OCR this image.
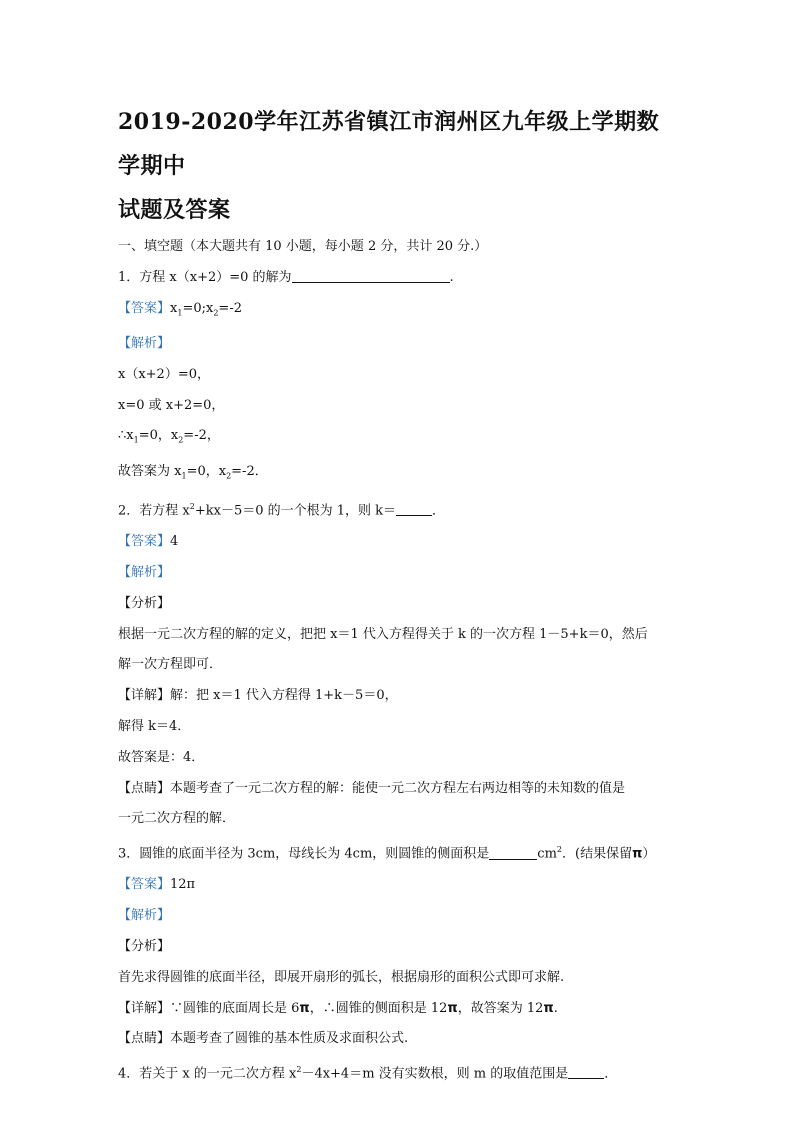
2019-2020学年江苏省镇江市润州区九年级上学期数学期中
试题及答案
一、填空题（本大题共有 10 小题，每小题 2 分，共计 20 分.）
1．方程 x（x+2）=0 的解为	.
【答案】$x_1=0;x_2=-2$
【解析】
x（x+2）=0，
x=0 或 x+2=0，
$\therefore x_1=0$，$x_2=-2$，
故答案为 $x_1=0$，$x_2=-2$．
2．若方程 $x^2+kx-5=0$ 的一个根为 1，则 k＝	．
【答案】4
【解析】
【分析】
根据一元二次方程的解的定义，把把 x＝1 代入方程得关于 k 的一次方程 1－5+k＝0，然后
解一次方程即可．
【详解】解：把 x＝1 代入方程得 1+k－5＝0，
解得 k＝4．
故答案是：4．
【点睛】本题考查了一元二次方程的解：能使一元二次方程左右两边相等的未知数的值是
一元二次方程的解．
3．圆锥的底面半径为 3cm，母线长为 4cm，则圆锥的侧面积是	$cm^2$．(结果保留π）
【答案】12π
【解析】
【分析】
首先求得圆锥的底面半径，即展开扇形的弧长，根据扇形的面积公式即可求解.
【详解】∵圆锥的底面周长是 6π，∴圆锥的侧面积是 12π，故答案为 12π.
【点睛】本题考查了圆锥的基本性质及求面积公式.
4．若关于 x 的一元二次方程 $x^2-4x+4=m$ 没有实数根，则 m 的取值范围是	．
